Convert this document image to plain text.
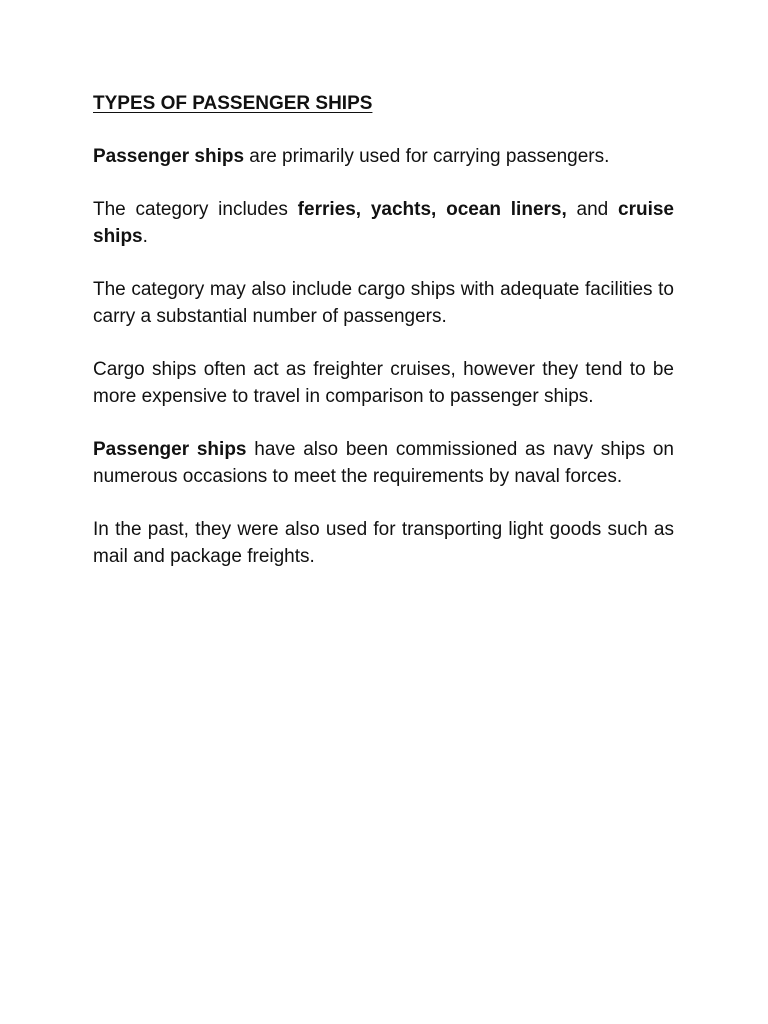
TYPES OF PASSENGER SHIPS

Passenger ships are primarily used for carrying passengers.

The category includes ferries, yachts, ocean liners, and cruise ships.

The category may also include cargo ships with adequate facilities to carry a substantial number of passengers.

Cargo ships often act as freighter cruises, however they tend to be more expensive to travel in comparison to passenger ships.

Passenger ships have also been commissioned as navy ships on numerous occasions to meet the requirements by naval forces.

In the past, they were also used for transporting light goods such as mail and package freights.
